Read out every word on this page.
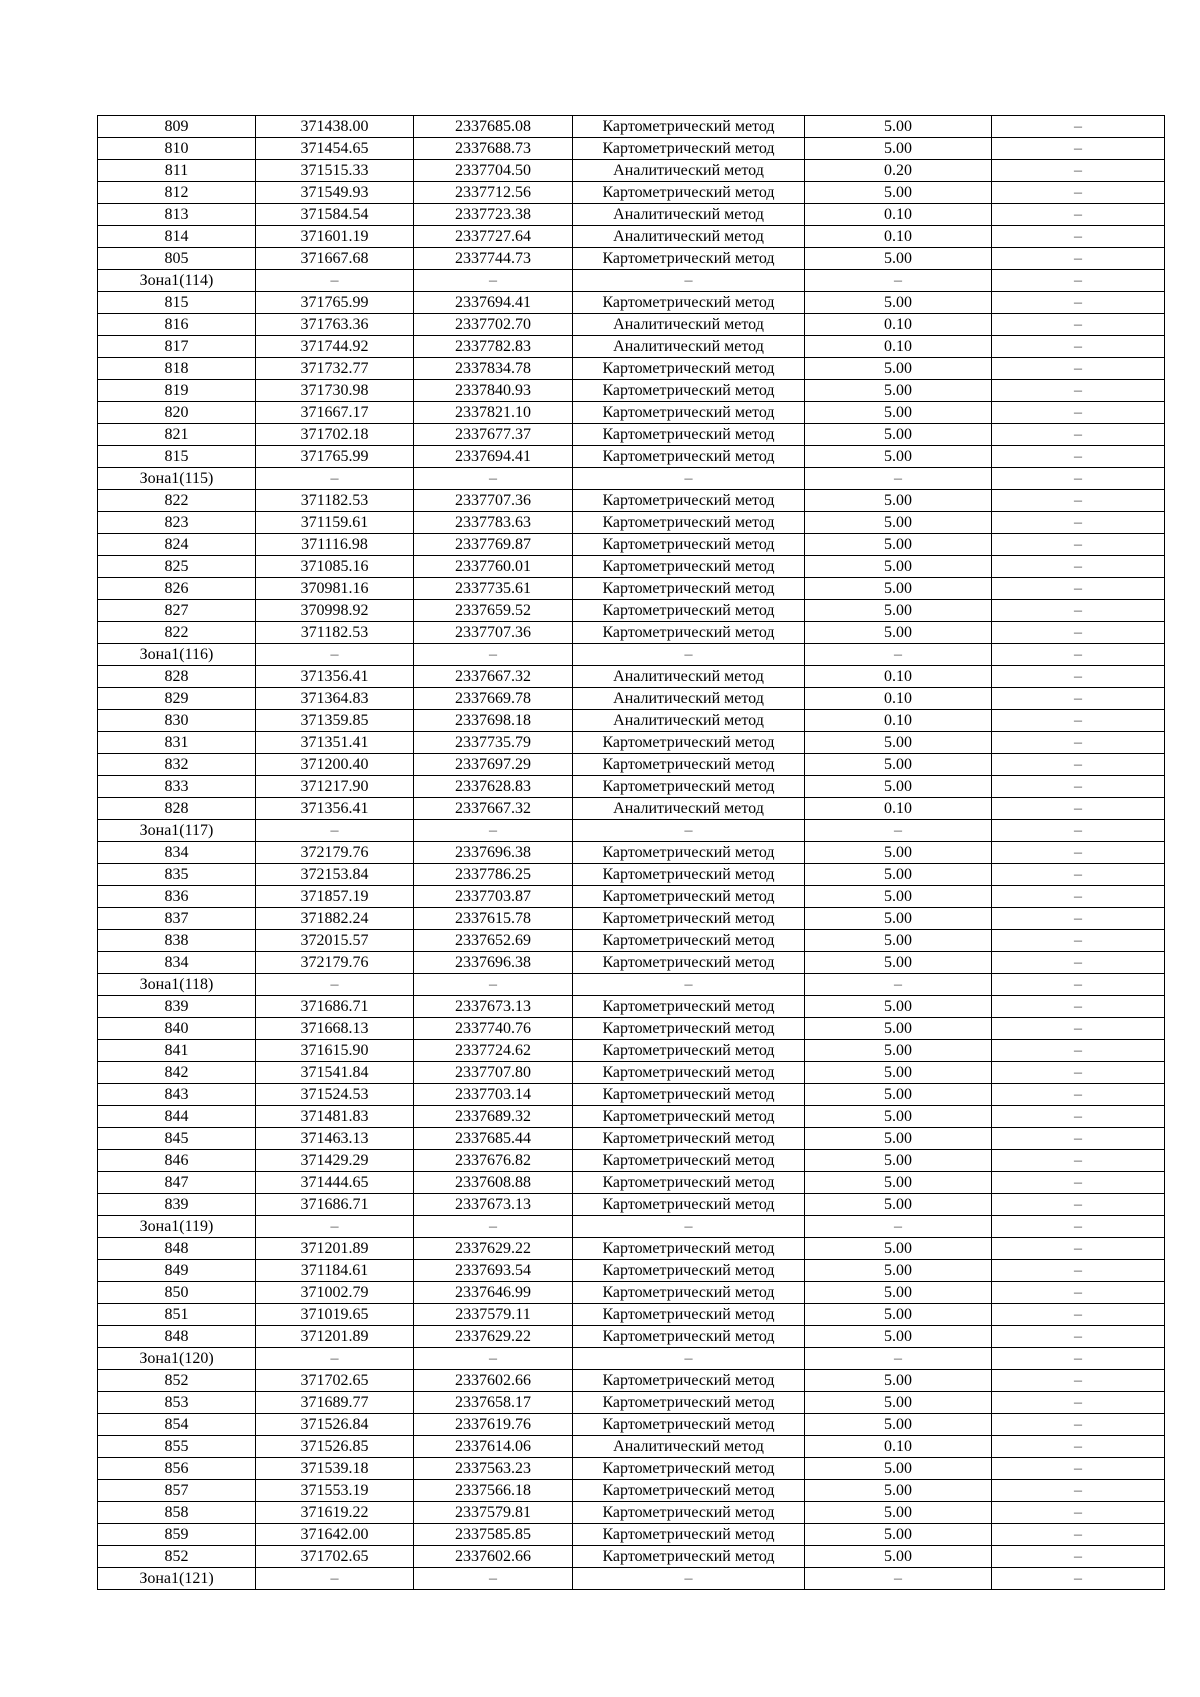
809	371438.00	2337685.08	Картометрический метод	5.00	–
810	371454.65	2337688.73	Картометрический метод	5.00	–
811	371515.33	2337704.50	Аналитический метод	0.20	–
812	371549.93	2337712.56	Картометрический метод	5.00	–
813	371584.54	2337723.38	Аналитический метод	0.10	–
814	371601.19	2337727.64	Аналитический метод	0.10	–
805	371667.68	2337744.73	Картометрический метод	5.00	–
Зона1(114)	–	–	–	–	–
815	371765.99	2337694.41	Картометрический метод	5.00	–
816	371763.36	2337702.70	Аналитический метод	0.10	–
817	371744.92	2337782.83	Аналитический метод	0.10	–
818	371732.77	2337834.78	Картометрический метод	5.00	–
819	371730.98	2337840.93	Картометрический метод	5.00	–
820	371667.17	2337821.10	Картометрический метод	5.00	–
821	371702.18	2337677.37	Картометрический метод	5.00	–
815	371765.99	2337694.41	Картометрический метод	5.00	–
Зона1(115)	–	–	–	–	–
822	371182.53	2337707.36	Картометрический метод	5.00	–
823	371159.61	2337783.63	Картометрический метод	5.00	–
824	371116.98	2337769.87	Картометрический метод	5.00	–
825	371085.16	2337760.01	Картометрический метод	5.00	–
826	370981.16	2337735.61	Картометрический метод	5.00	–
827	370998.92	2337659.52	Картометрический метод	5.00	–
822	371182.53	2337707.36	Картометрический метод	5.00	–
Зона1(116)	–	–	–	–	–
828	371356.41	2337667.32	Аналитический метод	0.10	–
829	371364.83	2337669.78	Аналитический метод	0.10	–
830	371359.85	2337698.18	Аналитический метод	0.10	–
831	371351.41	2337735.79	Картометрический метод	5.00	–
832	371200.40	2337697.29	Картометрический метод	5.00	–
833	371217.90	2337628.83	Картометрический метод	5.00	–
828	371356.41	2337667.32	Аналитический метод	0.10	–
Зона1(117)	–	–	–	–	–
834	372179.76	2337696.38	Картометрический метод	5.00	–
835	372153.84	2337786.25	Картометрический метод	5.00	–
836	371857.19	2337703.87	Картометрический метод	5.00	–
837	371882.24	2337615.78	Картометрический метод	5.00	–
838	372015.57	2337652.69	Картометрический метод	5.00	–
834	372179.76	2337696.38	Картометрический метод	5.00	–
Зона1(118)	–	–	–	–	–
839	371686.71	2337673.13	Картометрический метод	5.00	–
840	371668.13	2337740.76	Картометрический метод	5.00	–
841	371615.90	2337724.62	Картометрический метод	5.00	–
842	371541.84	2337707.80	Картометрический метод	5.00	–
843	371524.53	2337703.14	Картометрический метод	5.00	–
844	371481.83	2337689.32	Картометрический метод	5.00	–
845	371463.13	2337685.44	Картометрический метод	5.00	–
846	371429.29	2337676.82	Картометрический метод	5.00	–
847	371444.65	2337608.88	Картометрический метод	5.00	–
839	371686.71	2337673.13	Картометрический метод	5.00	–
Зона1(119)	–	–	–	–	–
848	371201.89	2337629.22	Картометрический метод	5.00	–
849	371184.61	2337693.54	Картометрический метод	5.00	–
850	371002.79	2337646.99	Картометрический метод	5.00	–
851	371019.65	2337579.11	Картометрический метод	5.00	–
848	371201.89	2337629.22	Картометрический метод	5.00	–
Зона1(120)	–	–	–	–	–
852	371702.65	2337602.66	Картометрический метод	5.00	–
853	371689.77	2337658.17	Картометрический метод	5.00	–
854	371526.84	2337619.76	Картометрический метод	5.00	–
855	371526.85	2337614.06	Аналитический метод	0.10	–
856	371539.18	2337563.23	Картометрический метод	5.00	–
857	371553.19	2337566.18	Картометрический метод	5.00	–
858	371619.22	2337579.81	Картометрический метод	5.00	–
859	371642.00	2337585.85	Картометрический метод	5.00	–
852	371702.65	2337602.66	Картометрический метод	5.00	–
Зона1(121)	–	–	–	–	–
